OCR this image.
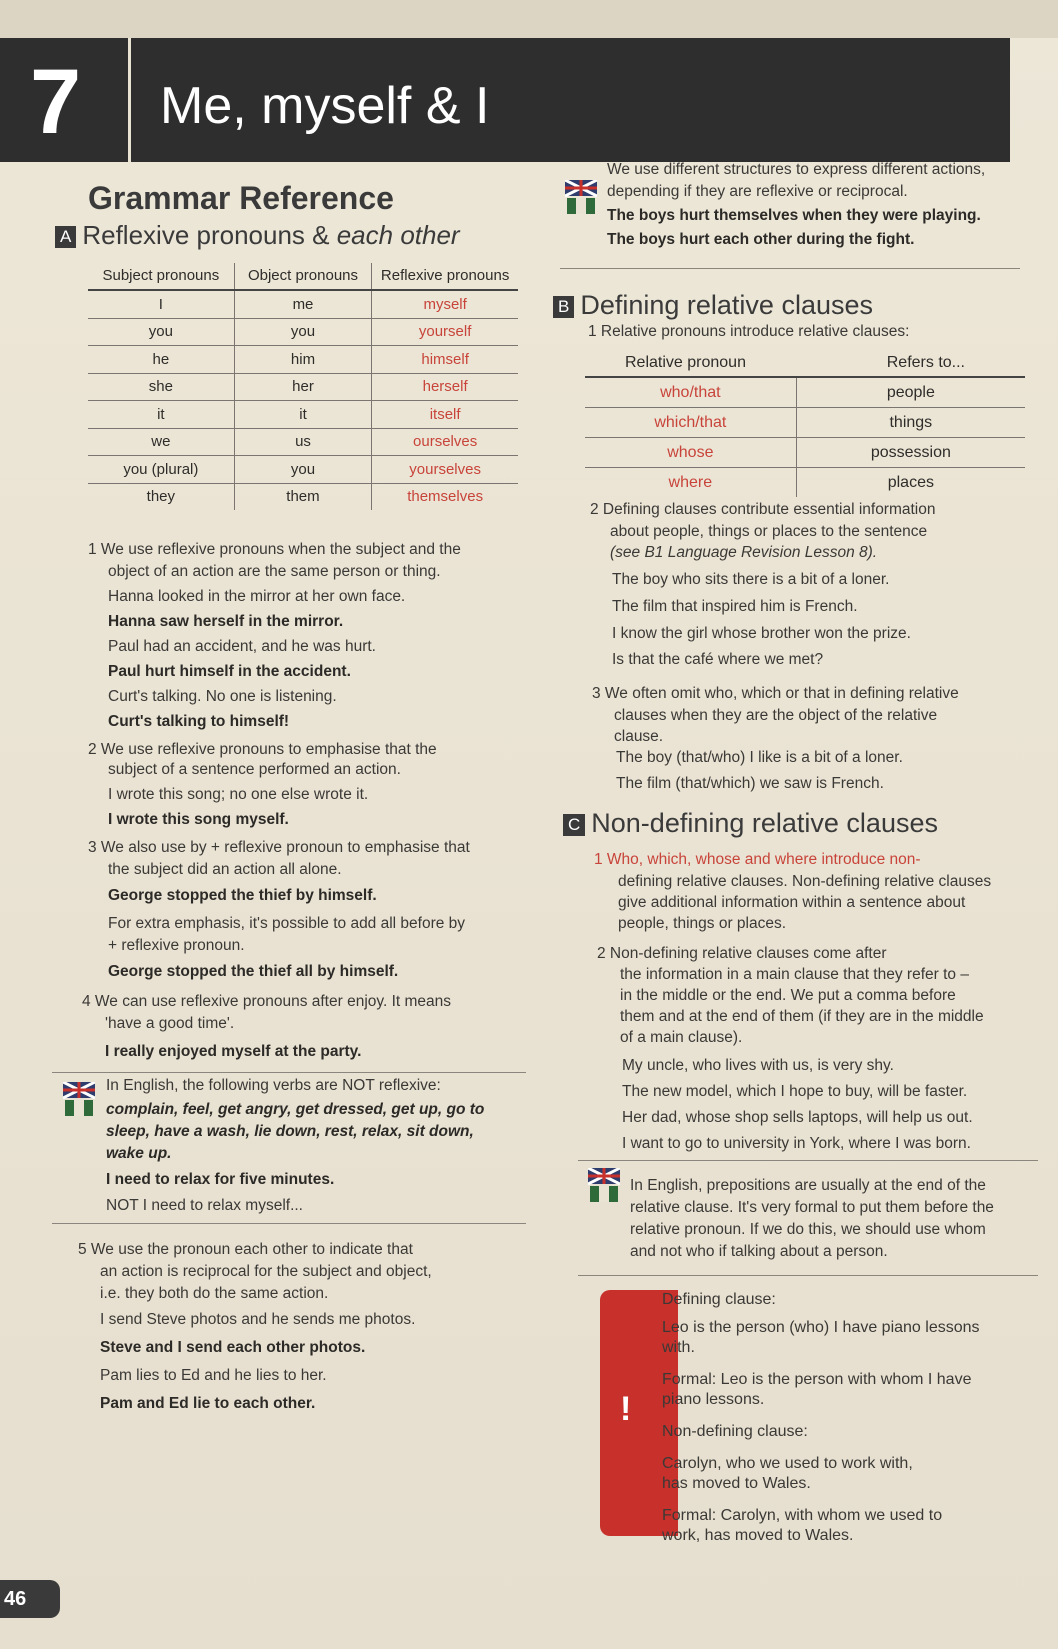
7 Me, myself & I
Grammar Reference
A Reflexive pronouns & each other
We use different structures to express different actions,
depending if they are reflexive or reciprocal.
The boys hurt themselves when they were playing.
The boys hurt each other during the fight.
Subject pronouns	Object pronouns	Reflexive pronouns
I	me	myself
you	you	yourself
he	him	himself
she	her	herself
it	it	itself
we	us	ourselves
you (plural)	you	yourselves
they	them	themselves
1 We use reflexive pronouns when the subject and the
object of an action are the same person or thing.
Hanna looked in the mirror at her own face.
Hanna saw herself in the mirror.
Paul had an accident, and he was hurt.
Paul hurt himself in the accident.
Curt's talking. No one is listening.
Curt's talking to himself!
2 We use reflexive pronouns to emphasise that the
subject of a sentence performed an action.
I wrote this song; no one else wrote it.
I wrote this song myself.
3 We also use by + reflexive pronoun to emphasise that
the subject did an action all alone.
George stopped the thief by himself.
For extra emphasis, it's possible to add all before by
+ reflexive pronoun.
George stopped the thief all by himself.
4 We can use reflexive pronouns after enjoy. It means
'have a good time'.
I really enjoyed myself at the party.
In English, the following verbs are NOT reflexive:
complain, feel, get angry, get dressed, get up, go to
sleep, have a wash, lie down, rest, relax, sit down,
wake up.
I need to relax for five minutes.
NOT I need to relax myself...
5 We use the pronoun each other to indicate that
an action is reciprocal for the subject and object,
i.e. they both do the same action.
I send Steve photos and he sends me photos.
Steve and I send each other photos.
Pam lies to Ed and he lies to her.
Pam and Ed lie to each other.
B Defining relative clauses
1 Relative pronouns introduce relative clauses:
Relative pronoun	Refers to...
who/that	people
which/that	things
whose	possession
where	places
2 Defining clauses contribute essential information
about people, things or places to the sentence
(see B1 Language Revision Lesson 8).
The boy who sits there is a bit of a loner.
The film that inspired him is French.
I know the girl whose brother won the prize.
Is that the café where we met?
3 We often omit who, which or that in defining relative
clauses when they are the object of the relative
clause.
The boy (that/who) I like is a bit of a loner.
The film (that/which) we saw is French.
C Non-defining relative clauses
1 Who, which, whose and where introduce non-
defining relative clauses. Non-defining relative clauses
give additional information within a sentence about
people, things or places.
2 Non-defining relative clauses come after
the information in a main clause that they refer to –
in the middle or the end. We put a comma before
them and at the end of them (if they are in the middle
of a main clause).
My uncle, who lives with us, is very shy.
The new model, which I hope to buy, will be faster.
Her dad, whose shop sells laptops, will help us out.
I want to go to university in York, where I was born.
In English, prepositions are usually at the end of the
relative clause. It's very formal to put them before the
relative pronoun. If we do this, we should use whom
and not who if talking about a person.
!
Defining clause:
Leo is the person (who) I have piano lessons
with.
Formal: Leo is the person with whom I have
piano lessons.
Non-defining clause:
Carolyn, who we used to work with,
has moved to Wales.
Formal: Carolyn, with whom we used to
work, has moved to Wales.
46
